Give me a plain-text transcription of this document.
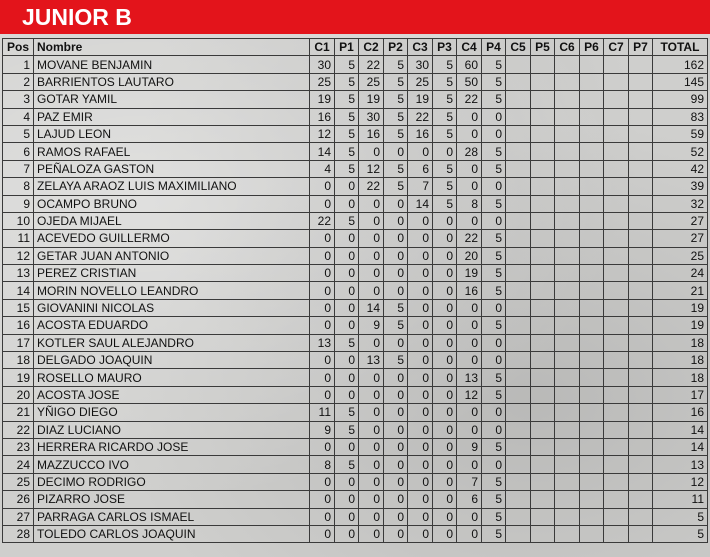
JUNIOR B
Pos	Nombre	C1	P1	C2	P2	C3	P3	C4	P4	C5	P5	C6	P6	C7	P7	TOTAL
1	MOVANE BENJAMIN	30	5	22	5	30	5	60	5							162
2	BARRIENTOS LAUTARO	25	5	25	5	25	5	50	5							145
3	GOTAR YAMIL	19	5	19	5	19	5	22	5							99
4	PAZ EMIR	16	5	30	5	22	5	0	0							83
5	LAJUD LEON	12	5	16	5	16	5	0	0							59
6	RAMOS RAFAEL	14	5	0	0	0	0	28	5							52
7	PEÑALOZA GASTON	4	5	12	5	6	5	0	5							42
8	ZELAYA ARAOZ LUIS MAXIMILIANO	0	0	22	5	7	5	0	0							39
9	OCAMPO BRUNO	0	0	0	0	14	5	8	5							32
10	OJEDA MIJAEL	22	5	0	0	0	0	0	0							27
11	ACEVEDO GUILLERMO	0	0	0	0	0	0	22	5							27
12	GETAR JUAN ANTONIO	0	0	0	0	0	0	20	5							25
13	PEREZ CRISTIAN	0	0	0	0	0	0	19	5							24
14	MORIN NOVELLO LEANDRO	0	0	0	0	0	0	16	5							21
15	GIOVANINI NICOLAS	0	0	14	5	0	0	0	0							19
16	ACOSTA EDUARDO	0	0	9	5	0	0	0	5							19
17	KOTLER SAUL ALEJANDRO	13	5	0	0	0	0	0	0							18
18	DELGADO JOAQUIN	0	0	13	5	0	0	0	0							18
19	ROSELLO MAURO	0	0	0	0	0	0	13	5							18
20	ACOSTA JOSE	0	0	0	0	0	0	12	5							17
21	YÑIGO DIEGO	11	5	0	0	0	0	0	0							16
22	DIAZ LUCIANO	9	5	0	0	0	0	0	0							14
23	HERRERA RICARDO JOSE	0	0	0	0	0	0	9	5							14
24	MAZZUCCO IVO	8	5	0	0	0	0	0	0							13
25	DECIMO RODRIGO	0	0	0	0	0	0	7	5							12
26	PIZARRO JOSE	0	0	0	0	0	0	6	5							11
27	PARRAGA CARLOS ISMAEL	0	0	0	0	0	0	0	5							5
28	TOLEDO CARLOS JOAQUIN	0	0	0	0	0	0	0	5							5
